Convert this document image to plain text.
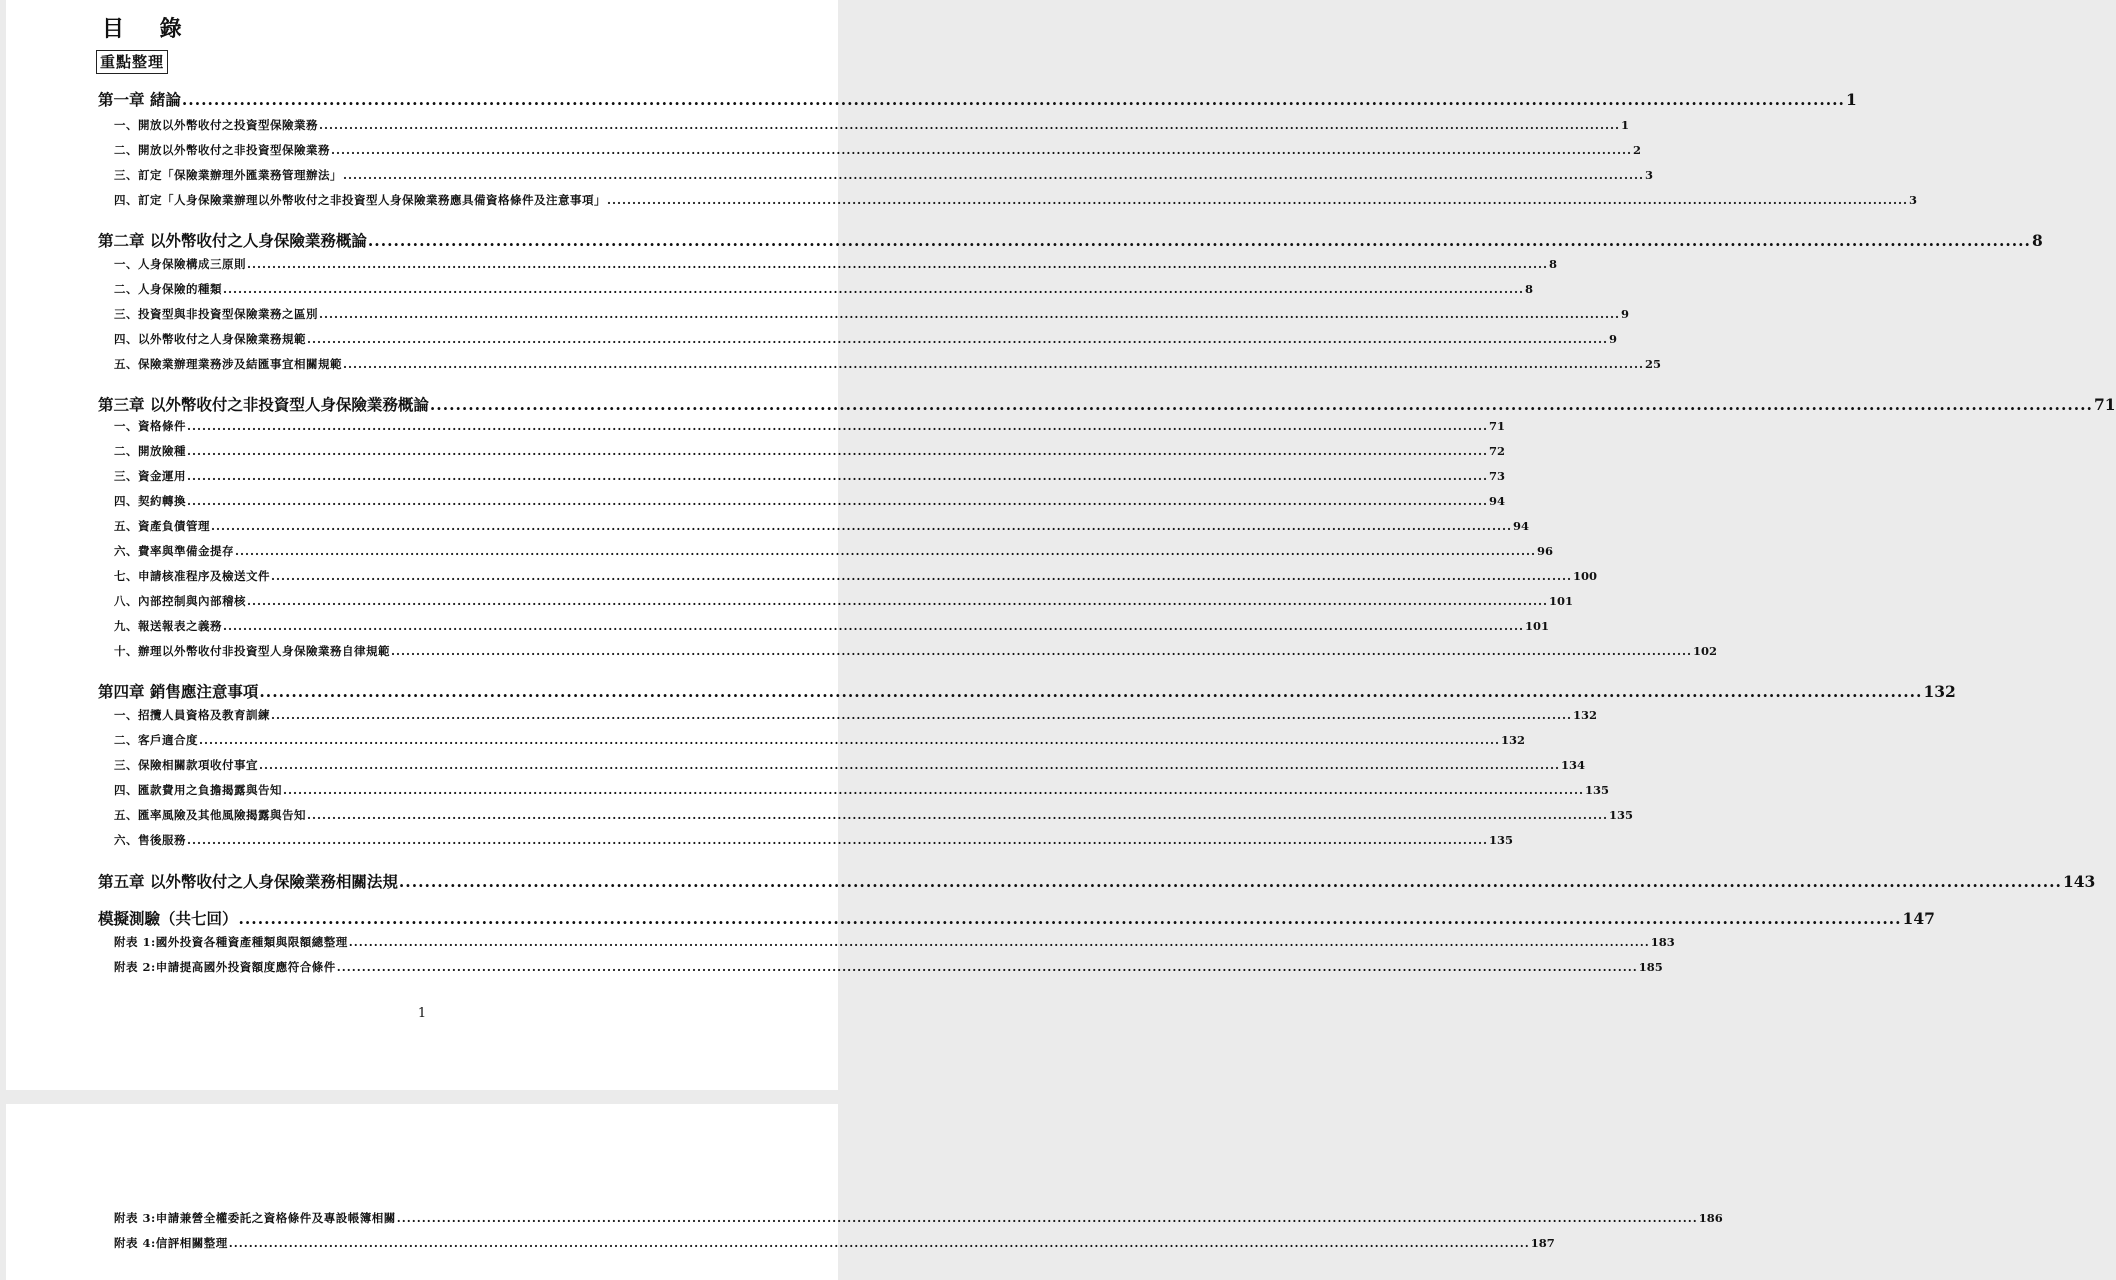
目 錄
重點整理
第一章 緒論 .................................................................................................................................................................................................................................................................... 1
一、開放以外幣收付之投資型保險業務 .................................................................................................................................................................................................................................................................... 1
二、開放以外幣收付之非投資型保險業務 .................................................................................................................................................................................................................................................................... 2
三、訂定「保險業辦理外匯業務管理辦法」 .................................................................................................................................................................................................................................................................... 3
四、訂定「人身保險業辦理以外幣收付之非投資型人身保險業務應具備資格條件及注意事項」 .................................................................................................................................................................................................................................................................... 3
第二章 以外幣收付之人身保險業務概論 .................................................................................................................................................................................................................................................................... 8
一、人身保險構成三原則 .................................................................................................................................................................................................................................................................... 8
二、人身保險的種類 .................................................................................................................................................................................................................................................................... 8
三、投資型與非投資型保險業務之區別 .................................................................................................................................................................................................................................................................... 9
四、以外幣收付之人身保險業務規範 .................................................................................................................................................................................................................................................................... 9
五、保險業辦理業務涉及結匯事宜相關規範 .................................................................................................................................................................................................................................................................... 25
第三章 以外幣收付之非投資型人身保險業務概論 .................................................................................................................................................................................................................................................................... 71
一、資格條件 .................................................................................................................................................................................................................................................................... 71
二、開放險種 .................................................................................................................................................................................................................................................................... 72
三、資金運用 .................................................................................................................................................................................................................................................................... 73
四、契約轉換 .................................................................................................................................................................................................................................................................... 94
五、資產負債管理 .................................................................................................................................................................................................................................................................... 94
六、費率與準備金提存 .................................................................................................................................................................................................................................................................... 96
七、申請核准程序及檢送文件 .................................................................................................................................................................................................................................................................... 100
八、內部控制與內部稽核 .................................................................................................................................................................................................................................................................... 101
九、報送報表之義務 .................................................................................................................................................................................................................................................................... 101
十、辦理以外幣收付非投資型人身保險業務自律規範 .................................................................................................................................................................................................................................................................... 102
第四章 銷售應注意事項 .................................................................................................................................................................................................................................................................... 132
一、招攬人員資格及教育訓練 .................................................................................................................................................................................................................................................................... 132
二、客戶適合度 .................................................................................................................................................................................................................................................................... 132
三、保險相關款項收付事宜 .................................................................................................................................................................................................................................................................... 134
四、匯款費用之負擔揭露與告知 .................................................................................................................................................................................................................................................................... 135
五、匯率風險及其他風險揭露與告知 .................................................................................................................................................................................................................................................................... 135
六、售後服務 .................................................................................................................................................................................................................................................................... 135
第五章 以外幣收付之人身保險業務相關法規 .................................................................................................................................................................................................................................................................... 143
模擬測驗（共七回） .................................................................................................................................................................................................................................................................... 147
附表 1:國外投資各種資產種類與限額總整理 .................................................................................................................................................................................................................................................................... 183
附表 2:申請提高國外投資額度應符合條件 .................................................................................................................................................................................................................................................................... 185
1
附表 3:申請兼營全權委託之資格條件及專設帳簿相關 .................................................................................................................................................................................................................................................................... 186
附表 4:信評相關整理 .................................................................................................................................................................................................................................................................... 187
